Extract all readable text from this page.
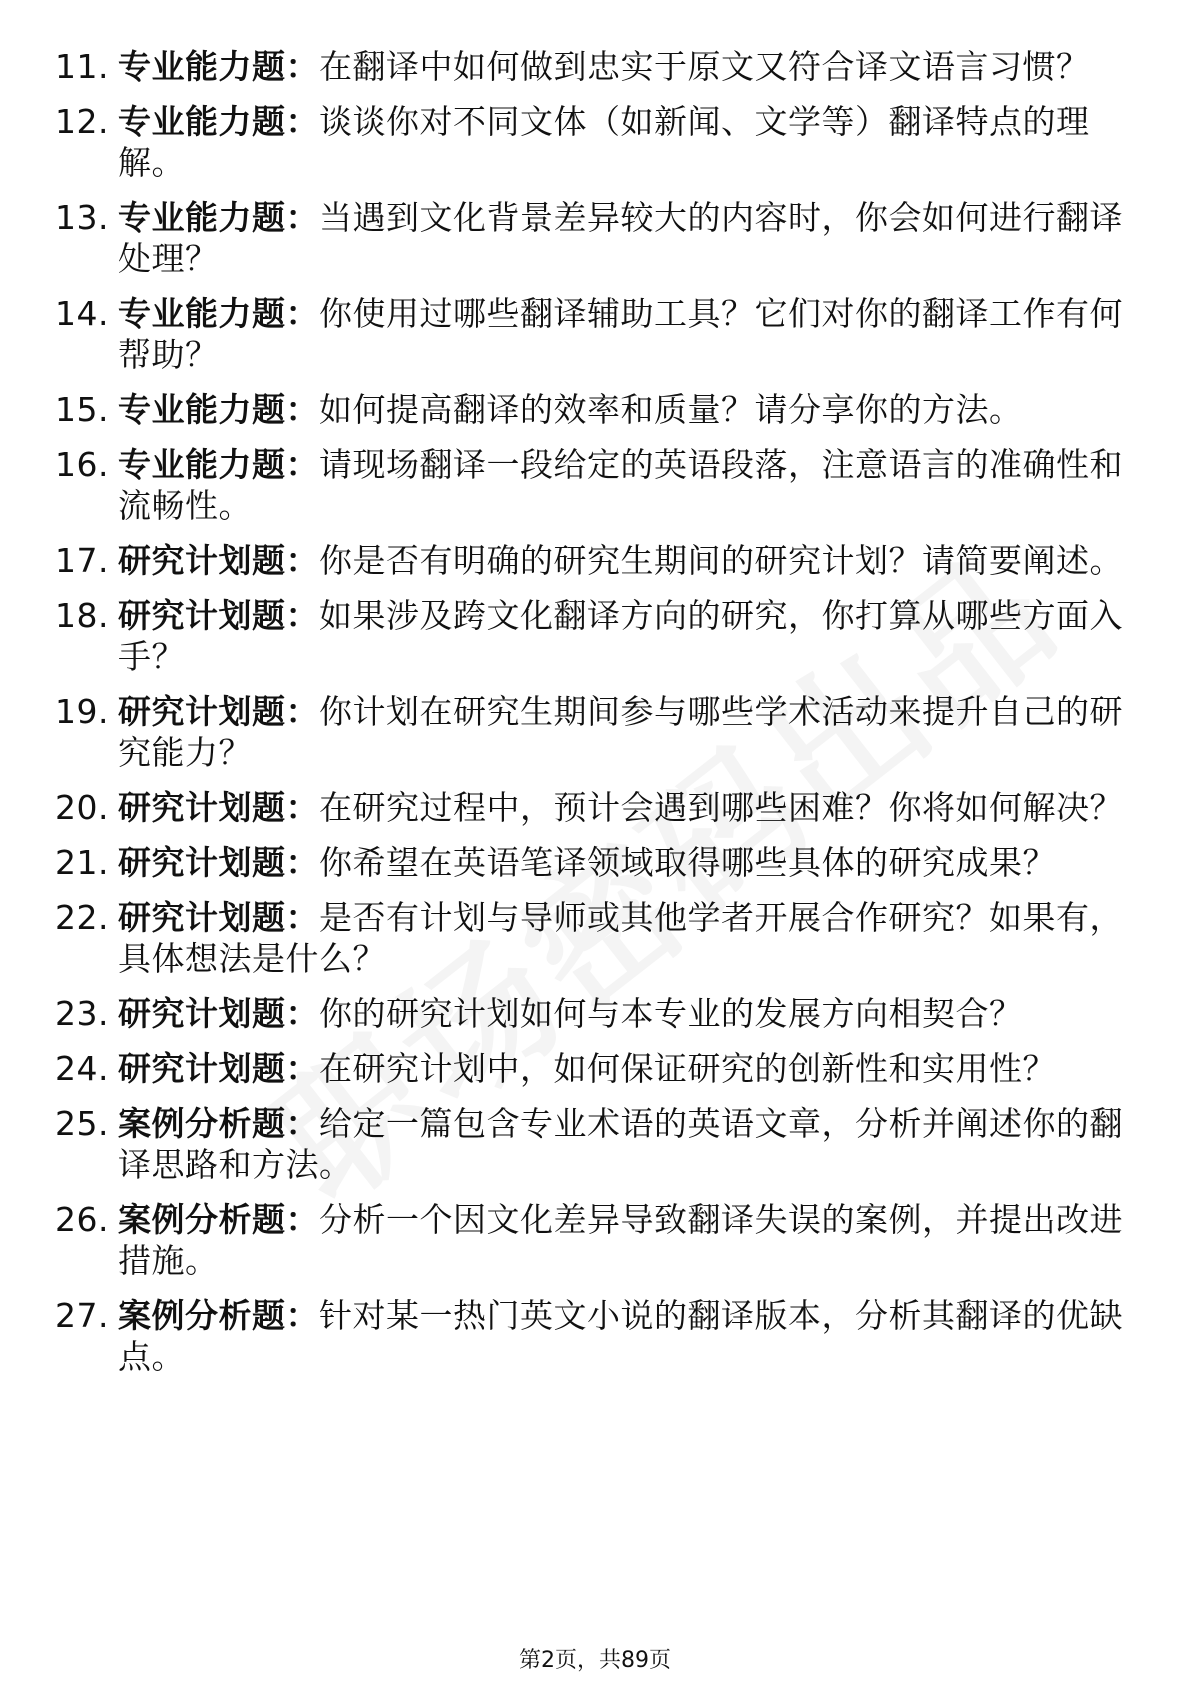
11. 专业能力题：在翻译中如何做到忠实于原文又符合译文语言习惯？
12. 专业能力题：谈谈你对不同文体（如新闻、文学等）翻译特点的理解。
13. 专业能力题：当遇到文化背景差异较大的内容时，你会如何进行翻译处理？
14. 专业能力题：你使用过哪些翻译辅助工具？它们对你的翻译工作有何帮助？
15. 专业能力题：如何提高翻译的效率和质量？请分享你的方法。
16. 专业能力题：请现场翻译一段给定的英语段落，注意语言的准确性和流畅性。
17. 研究计划题：你是否有明确的研究生期间的研究计划？请简要阐述。
18. 研究计划题：如果涉及跨文化翻译方向的研究，你打算从哪些方面入手？
19. 研究计划题：你计划在研究生期间参与哪些学术活动来提升自己的研究能力？
20. 研究计划题：在研究过程中，预计会遇到哪些困难？你将如何解决？
21. 研究计划题：你希望在英语笔译领域取得哪些具体的研究成果？
22. 研究计划题：是否有计划与导师或其他学者开展合作研究？如果有，具体想法是什么？
23. 研究计划题：你的研究计划如何与本专业的发展方向相契合？
24. 研究计划题：在研究计划中，如何保证研究的创新性和实用性？
25. 案例分析题：给定一篇包含专业术语的英语文章，分析并阐述你的翻译思路和方法。
26. 案例分析题：分析一个因文化差异导致翻译失误的案例，并提出改进措施。
27. 案例分析题：针对某一热门英文小说的翻译版本，分析其翻译的优缺点。
第2页，共89页
